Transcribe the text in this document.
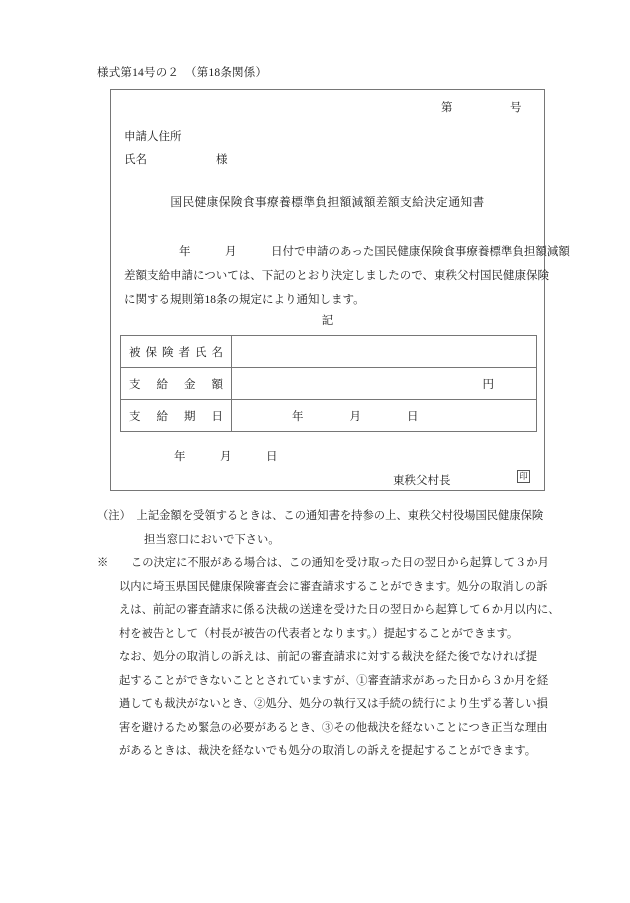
様式第14号の２　（第18条関係）
第　　　　　号
申請人住所
氏名　　　　　　様
国民健康保険食事療養標準負担額減額差額支給決定通知書
年　　　月　　　日付で申請のあった国民健康保険食事療養標準負担額減額
差額支給申請については、下記のとおり決定しましたので、東秩父村国民健康保険
に関する規則第18条の規定により通知します。
記
被保険者氏名	
支給金額	円
支給期日	年　　　　月　　　　日
年　　　月　　　日
東秩父村長	印
（注）　上記金額を受領するときは、この通知書を持参の上、東秩父村役場国民健康保険
担当窓口においで下さい。
※　　この決定に不服がある場合は、この通知を受け取った日の翌日から起算して３か月
以内に埼玉県国民健康保険審査会に審査請求することができます。処分の取消しの訴
えは、前記の審査請求に係る決裁の送達を受けた日の翌日から起算して６か月以内に、
村を被告として（村長が被告の代表者となります。）提起することができます。
なお、処分の取消しの訴えは、前記の審査請求に対する裁決を経た後でなければ提
起することができないこととされていますが、①審査請求があった日から３か月を経
過しても裁決がないとき、②処分、処分の執行又は手続の続行により生ずる著しい損
害を避けるため緊急の必要があるとき、③その他裁決を経ないことにつき正当な理由
があるときは、裁決を経ないでも処分の取消しの訴えを提起することができます。
